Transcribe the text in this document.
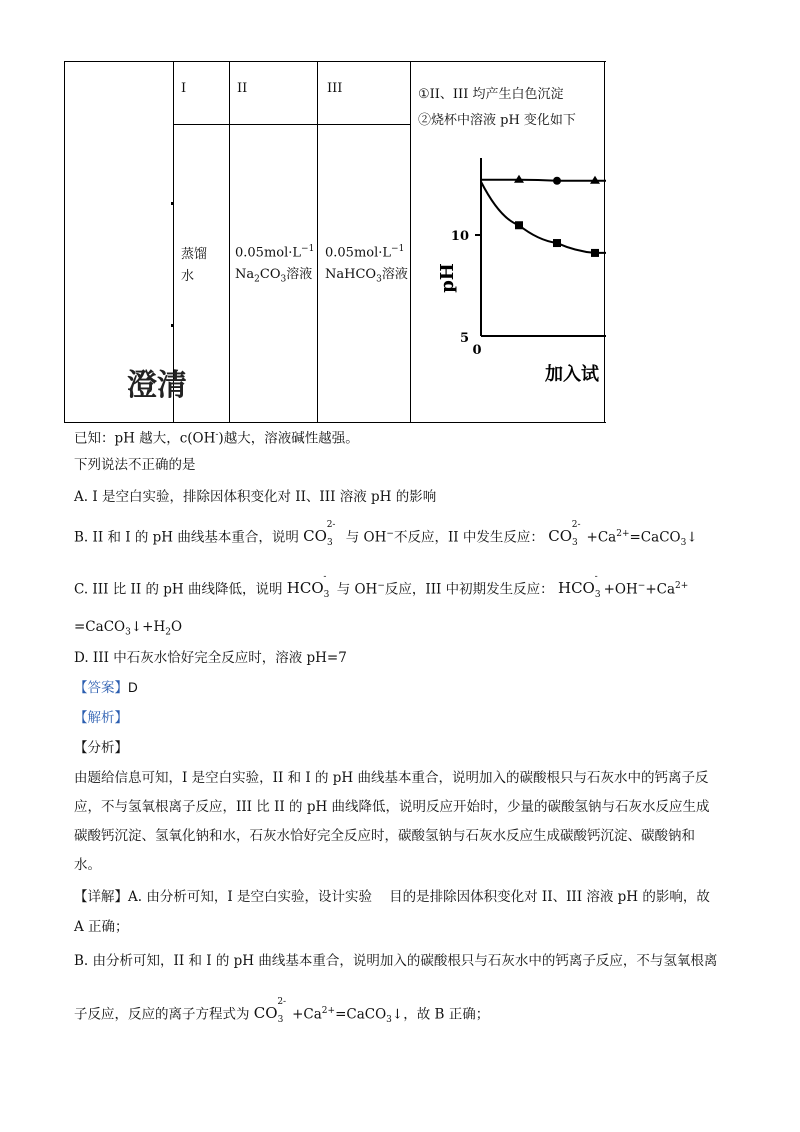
澄清
I	II	III
蒸馏水
$0.05mol\cdot L^{-1}$
$Na_2CO_3$溶液
$0.05mol\cdot L^{-1}$
NaHCO$_3$溶液
①II、III 均产生白色沉淀
②烧杯中溶液 pH 变化如下
10
5
0
pH
加入试
已知：pH 越大，c(OH-)越大，溶液碱性越强。
下列说法不正确的是
A. I 是空白实验，排除因体积变化对 II、III 溶液 pH 的影响
B. II 和 I 的 pH 曲线基本重合，说明 $CO_3^{2-}$ 与 OH−不反应，II 中发生反应： $CO_3^{2-}+Ca^{2+}=CaCO_3↓$
C. III 比 II 的 pH 曲线降低，说明 $HCO_3^-$ 与 OH−反应，III 中初期发生反应： $HCO_3^-+OH^-+Ca^{2+}$
$=CaCO_3↓+H_2O$
D. III 中石灰水恰好完全反应时，溶液 pH=7
【答案】D
【解析】
【分析】
由题给信息可知，I 是空白实验，II 和 I 的 pH 曲线基本重合，说明加入的碳酸根只与石灰水中的钙离子反
应，不与氢氧根离子反应，III 比 II 的 pH 曲线降低，说明反应开始时，少量的碳酸氢钠与石灰水反应生成
碳酸钙沉淀、氢氧化钠和水，石灰水恰好完全反应时，碳酸氢钠与石灰水反应生成碳酸钙沉淀、碳酸钠和
水。
【详解】A. 由分析可知，I 是空白实验，设计实验    目的是排除因体积变化对 II、III 溶液 pH 的影响，故
A 正确；
B. 由分析可知，II 和 I 的 pH 曲线基本重合，说明加入的碳酸根只与石灰水中的钙离子反应，不与氢氧根离
子反应，反应的离子方程式为 $CO_3^{2-}+Ca^{2+}=CaCO_3↓$，故 B 正确；
